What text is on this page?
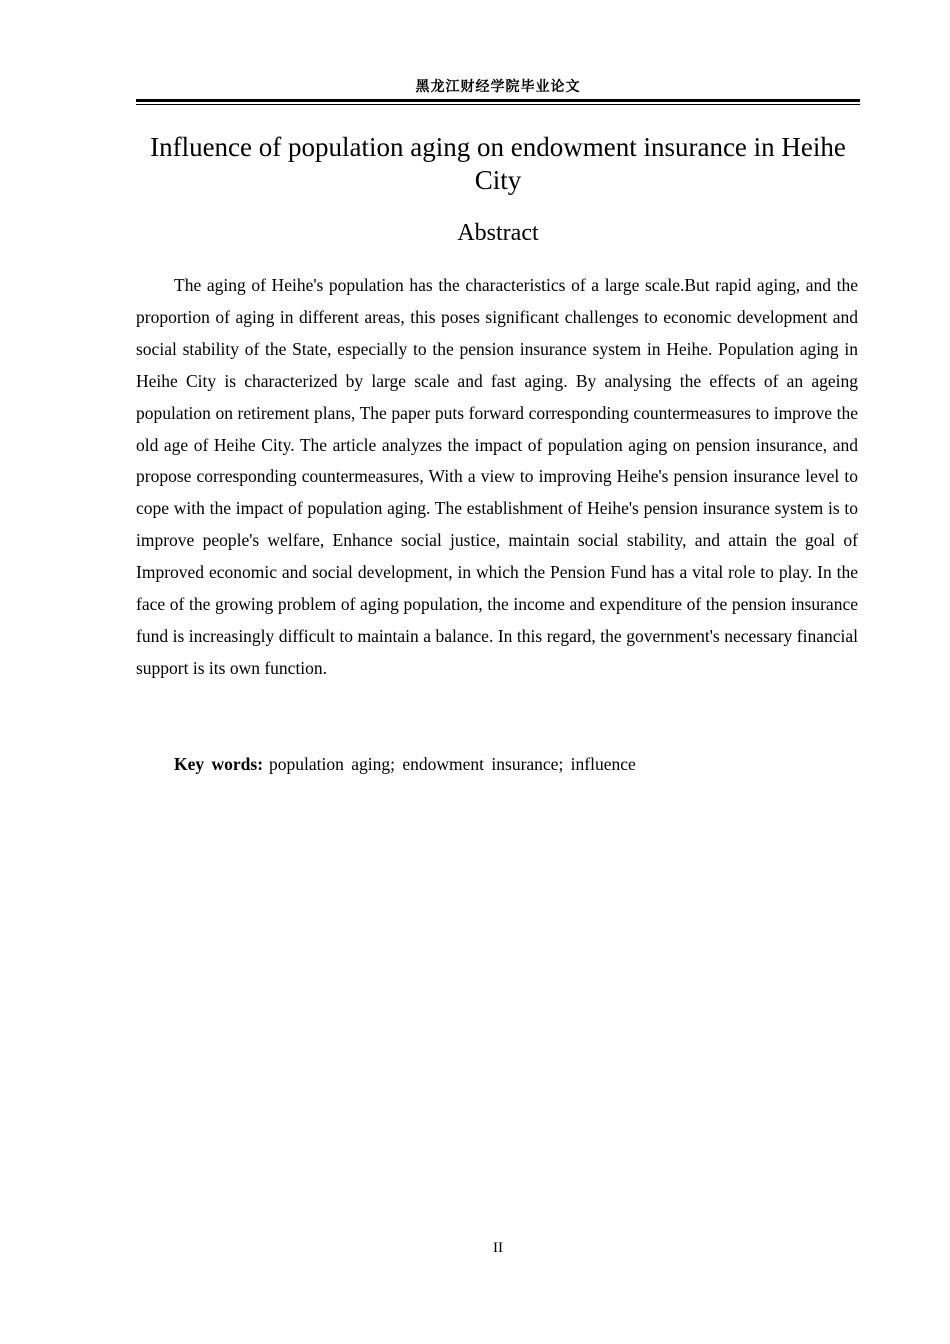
黑龙江财经学院毕业论文
Influence of population aging on endowment insurance in Heihe City
Abstract

The aging of Heihe's population has the characteristics of a large scale.But rapid aging, and the proportion of aging in different areas, this poses significant challenges to economic development and social stability of the State, especially to the pension insurance system in Heihe. Population aging in Heihe City is characterized by large scale and fast aging. By analysing the effects of an ageing population on retirement plans, The paper puts forward corresponding countermeasures to improve the old age of Heihe City. The article analyzes the impact of population aging on pension insurance, and propose corresponding countermeasures, With a view to improving Heihe's pension insurance level to cope with the impact of population aging. The establishment of Heihe's pension insurance system is to improve people's welfare, Enhance social justice, maintain social stability, and attain the goal of Improved economic and social development, in which the Pension Fund has a vital role to play. In the face of the growing problem of aging population, the income and expenditure of the pension insurance fund is increasingly difficult to maintain a balance. In this regard, the government's necessary financial support is its own function.

Key words: population aging; endowment insurance; influence

II
